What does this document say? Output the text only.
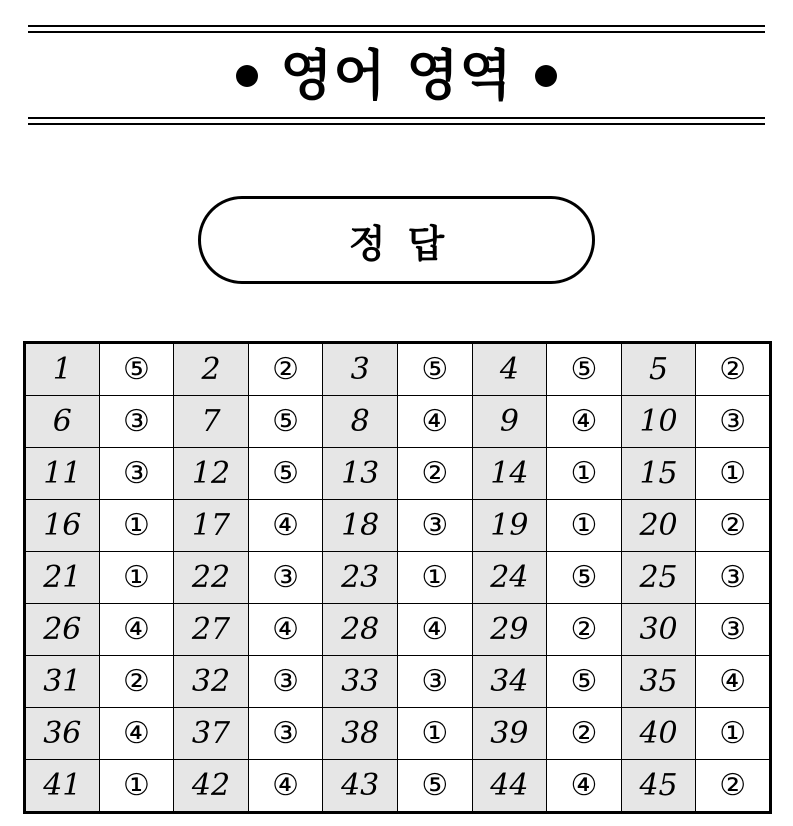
영어 영역
정답
1	⑤	2	②	3	⑤	4	⑤	5	②
6	③	7	⑤	8	④	9	④	10	③
11	③	12	⑤	13	②	14	①	15	①
16	①	17	④	18	③	19	①	20	②
21	①	22	③	23	①	24	⑤	25	③
26	④	27	④	28	④	29	②	30	③
31	②	32	③	33	③	34	⑤	35	④
36	④	37	③	38	①	39	②	40	①
41	①	42	④	43	⑤	44	④	45	②
